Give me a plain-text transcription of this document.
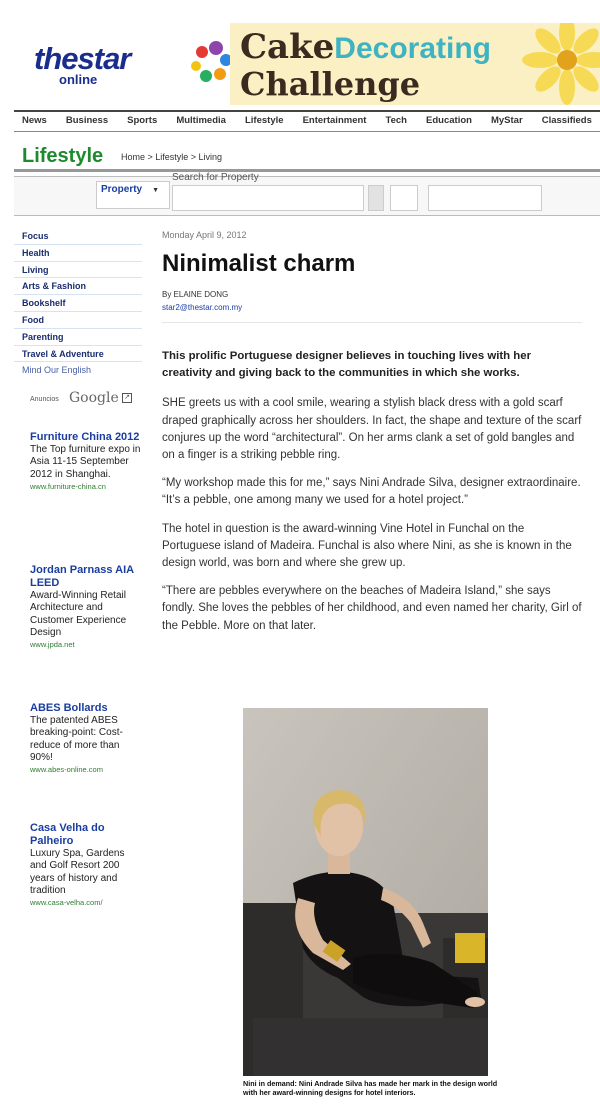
thestar
online
CakeDecorating
Challenge
News Business Sports Multimedia Lifestyle Entertainment Tech Education MyStar Classifieds
Lifestyle Home > Lifestyle > Living
Search for Property
Property ▼
Focus
Health
Living
Arts & Fashion
Bookshelf
Food
Parenting
Travel & Adventure
Mind Our English
Anuncios Google ↗
Furniture China 2012
The Top furniture expo in Asia 11-15 September 2012 in Shanghai.
www.furniture-china.cn
Jordan Parnass AIA LEED
Award-Winning Retail Architecture and Customer Experience Design
www.jpda.net
ABES Bollards
The patented ABES breaking-point: Cost-reduce of more than 90%!
www.abes-online.com
Casa Velha do Palheiro
Luxury Spa, Gardens and Golf Resort 200 years of history and tradition
www.casa-velha.com/
Monday April 9, 2012
Ninimalist charm
By ELAINE DONG
star2@thestar.com.my

This prolific Portuguese designer believes in touching lives with her creativity and giving back to the communities in which she works.

SHE greets us with a cool smile, wearing a stylish black dress with a gold scarf draped graphically across her shoulders. In fact, the shape and texture of the scarf conjures up the word “architectural”. On her arms clank a set of gold bangles and on a finger is a striking pebble ring.

“My workshop made this for me,” says Nini Andrade Silva, designer extraordinaire. “It’s a pebble, one among many we used for a hotel project.”

The hotel in question is the award-winning Vine Hotel in Funchal on the Portuguese island of Madeira. Funchal is also where Nini, as she is known in the design world, was born and where she grew up.

“There are pebbles everywhere on the beaches of Madeira Island,” she says fondly. She loves the pebbles of her childhood, and even named her charity, Girl of the Pebble. More on that later.

Nini in demand: Nini Andrade Silva has made her mark in the design world with her award-winning designs for hotel interiors.
